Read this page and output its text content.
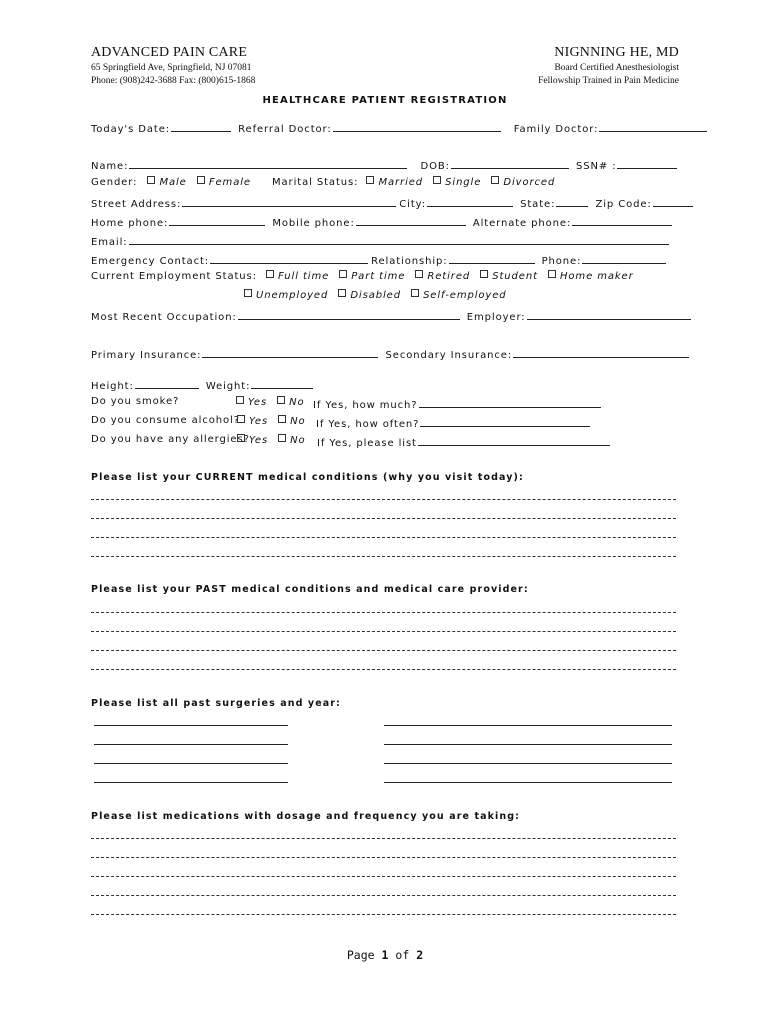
ADVANCED PAIN CARE
65 Springfield Ave, Springfield, NJ 07081
Phone: (908)242-3688 Fax: (800)615-1868
NIGNNING HE, MD
Board Certified Anesthesiologist
Fellowship Trained in Pain Medicine
HEALTHCARE PATIENT REGISTRATION
Today's Date:	Referral Doctor:	Family Doctor:
Name:	DOB:	SSN# :
Gender: Male Female	Marital Status: Married Single Divorced
Street Address:	City:	State:	Zip Code:
Home phone:	Mobile phone:	Alternate phone:
Email:
Emergency Contact:	Relationship:	Phone:
Current Employment Status: Full time Part time Retired Student Home maker
Unemployed Disabled Self-employed
Most Recent Occupation:	Employer:
Primary Insurance:	Secondary Insurance:
Height:	Weight:
Do you smoke?	Yes No If Yes, how much?
Do you consume alcohol? Yes No	If Yes, how often?
Do you have any allergies? Yes No	If Yes, please list
Please list your CURRENT medical conditions (why you visit today):
Please list your PAST medical conditions and medical care provider:
Please list all past surgeries and year:
Please list medications with dosage and frequency you are taking:
Page 1 of 2
